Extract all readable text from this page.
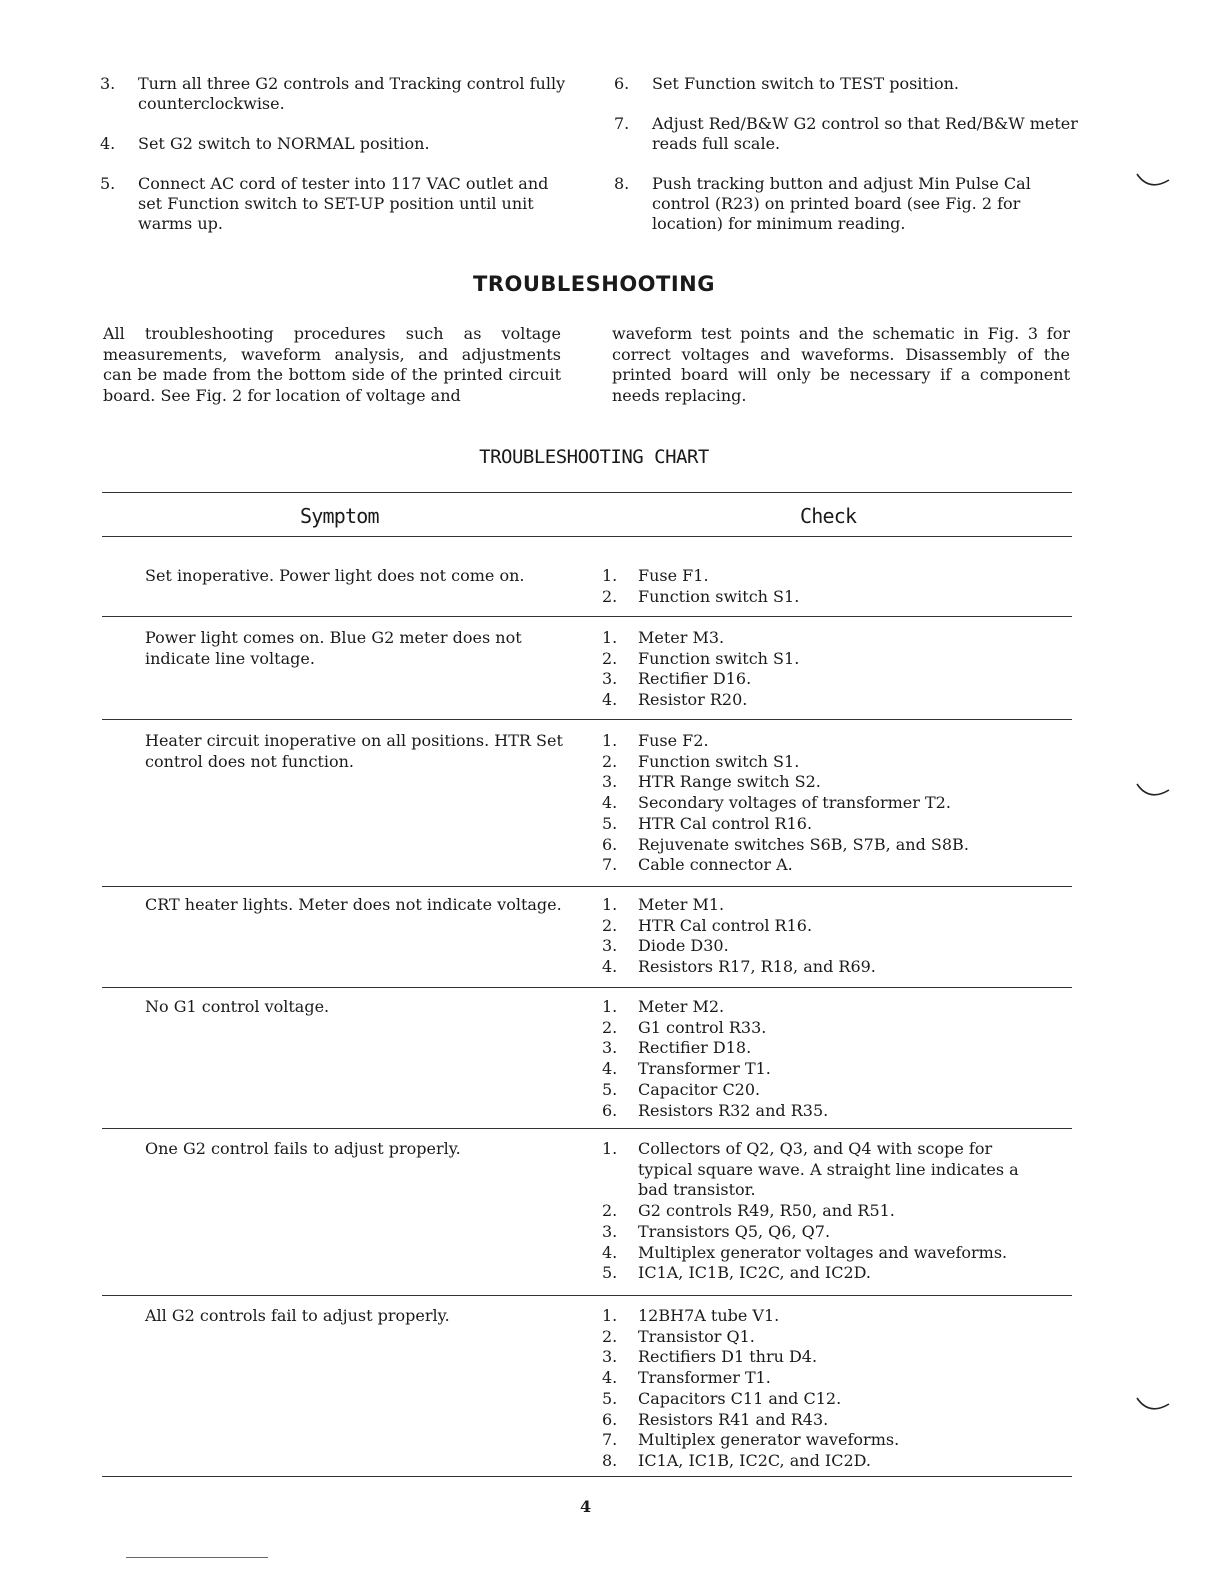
3.	Turn all three G2 controls and Tracking control fully counterclockwise.
4.	Set G2 switch to NORMAL position.
5.	Connect AC cord of tester into 117 VAC outlet and set Function switch to SET-UP position until unit warms up.
6.	Set Function switch to TEST position.
7.	Adjust Red/B&W G2 control so that Red/B&W meter reads full scale.
8.	Push tracking button and adjust Min Pulse Cal control (R23) on printed board (see Fig. 2 for location) for minimum reading.
TROUBLESHOOTING
All troubleshooting procedures such as voltage measurements, waveform analysis, and adjustments can be made from the bottom side of the printed circuit board. See Fig. 2 for location of voltage and
waveform test points and the schematic in Fig. 3 for correct voltages and waveforms. Disassembly of the printed board will only be necessary if a component needs replacing.
TROUBLESHOOTING CHART
Symptom	Check
Set inoperative. Power light does not come on.	1.	Fuse F1.
2.	Function switch S1.
Power light comes on. Blue G2 meter does not indicate line voltage.
1.	Meter M3.
2.	Function switch S1.
3.	Rectifier D16.
4.	Resistor R20.
Heater circuit inoperative on all positions. HTR Set control does not function.
1.	Fuse F2.
2.	Function switch S1.
3.	HTR Range switch S2.
4.	Secondary voltages of transformer T2.
5.	HTR Cal control R16.
6.	Rejuvenate switches S6B, S7B, and S8B.
7.	Cable connector A.
CRT heater lights. Meter does not indicate voltage.	1.	Meter M1.
2.	HTR Cal control R16.
3.	Diode D30.
4.	Resistors R17, R18, and R69.
No G1 control voltage.	1.	Meter M2.
2.	G1 control R33.
3.	Rectifier D18.
4.	Transformer T1.
5.	Capacitor C20.
6.	Resistors R32 and R35.
One G2 control fails to adjust properly.	1.	Collectors of Q2, Q3, and Q4 with scope for typical square wave. A straight line indicates a bad transistor.
2.	G2 controls R49, R50, and R51.
3.	Transistors Q5, Q6, Q7.
4.	Multiplex generator voltages and waveforms.
5.	IC1A, IC1B, IC2C, and IC2D.
All G2 controls fail to adjust properly.	1.	12BH7A tube V1.
2.	Transistor Q1.
3.	Rectifiers D1 thru D4.
4.	Transformer T1.
5.	Capacitors C11 and C12.
6.	Resistors R41 and R43.
7.	Multiplex generator waveforms.
8.	IC1A, IC1B, IC2C, and IC2D.
4
